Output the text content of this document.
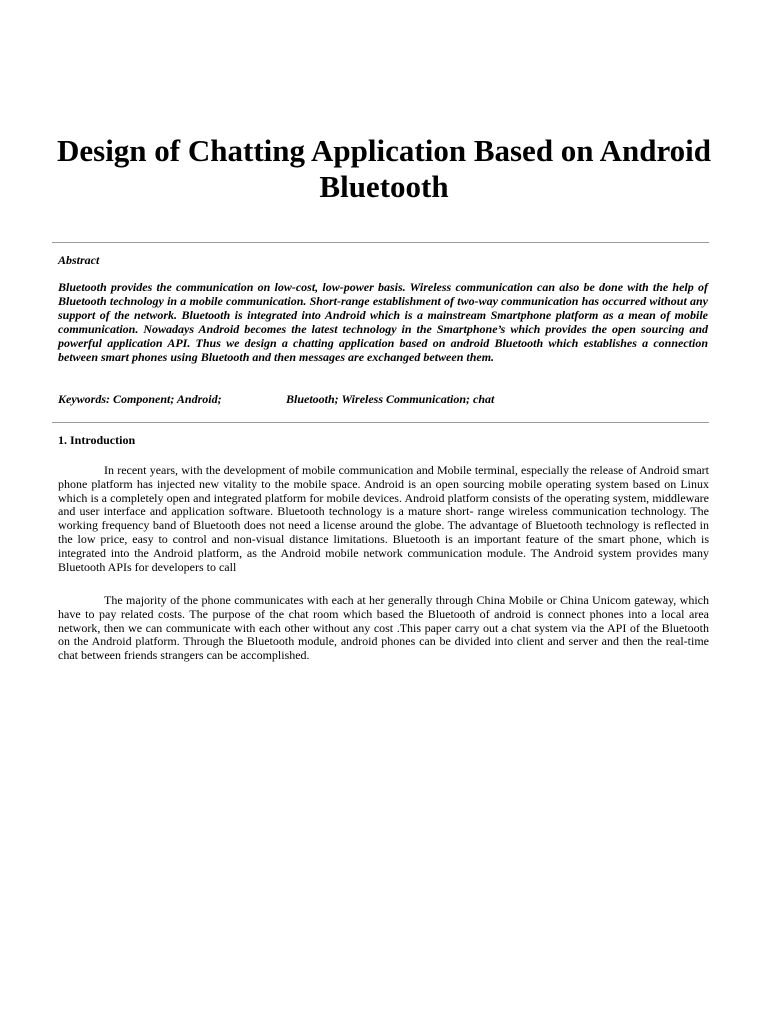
Design of Chatting Application Based on Android Bluetooth

Abstract

Bluetooth provides the communication on low-cost, low-power basis. Wireless communication can also be done with the help of Bluetooth technology in a mobile communication. Short-range establishment of two-way communication has occurred without any support of the network. Bluetooth is integrated into Android which is a mainstream Smartphone platform as a mean of mobile communication. Nowadays Android becomes the latest technology in the Smartphone’s which provides the open sourcing and powerful application API. Thus we design a chatting application based on android Bluetooth which establishes a connection between smart phones using Bluetooth and then messages are exchanged between them.

Keywords: Component; Android;	Bluetooth; Wireless Communication; chat

1. Introduction

In recent years, with the development of mobile communication and Mobile terminal, especially the release of Android smart phone platform has injected new vitality to the mobile space. Android is an open sourcing mobile operating system based on Linux which is a completely open and integrated platform for mobile devices. Android platform consists of the operating system, middleware and user interface and application software. Bluetooth technology is a mature short- range wireless communication technology. The working frequency band of Bluetooth does not need a license around the globe. The advantage of Bluetooth technology is reflected in the low price, easy to control and non-visual distance limitations. Bluetooth is an important feature of the smart phone, which is integrated into the Android platform, as the Android mobile network communication module. The Android system provides many Bluetooth APIs for developers to call

The majority of the phone communicates with each at her generally through China Mobile or China Unicom gateway, which have to pay related costs. The purpose of the chat room which based the Bluetooth of android is connect phones into a local area network, then we can communicate with each other without any cost .This paper carry out a chat system via the API of the Bluetooth on the Android platform. Through the Bluetooth module, android phones can be divided into client and server and then the real-time chat between friends strangers can be accomplished.
